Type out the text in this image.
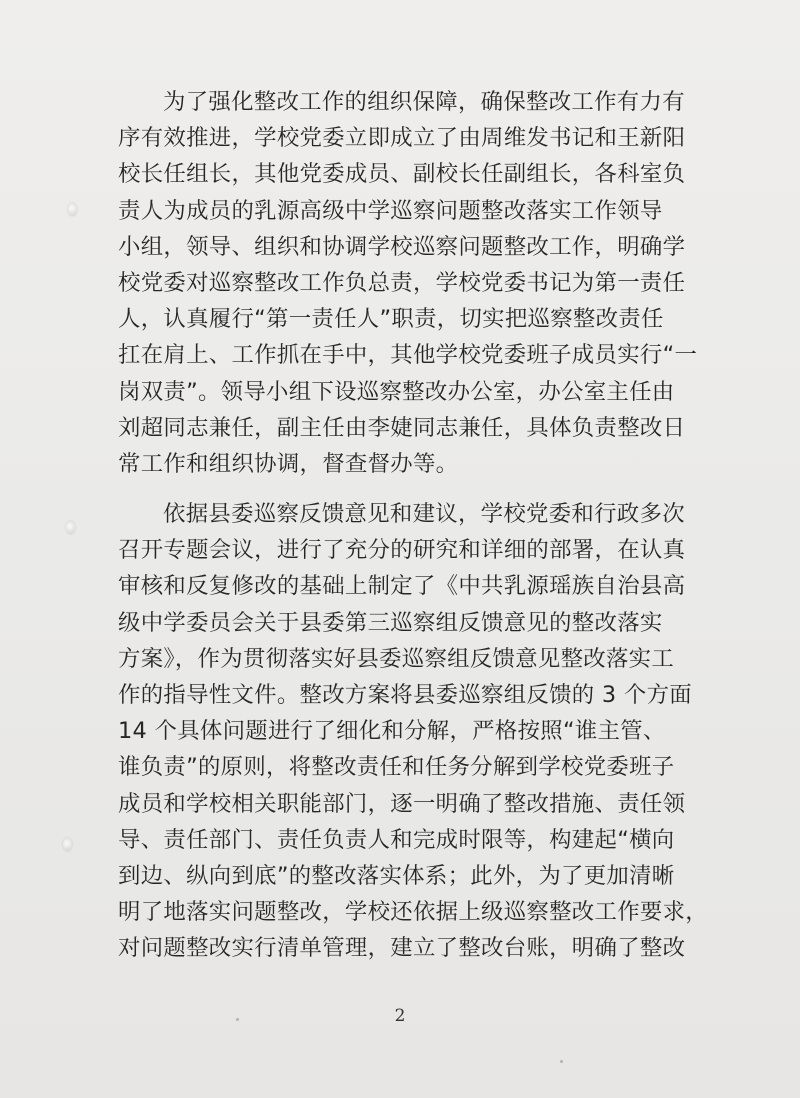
为了强化整改工作的组织保障，确保整改工作有力有
序有效推进，学校党委立即成立了由周维发书记和王新阳
校长任组长，其他党委成员、副校长任副组长，各科室负
责人为成员的乳源高级中学巡察问题整改落实工作领导
小组，领导、组织和协调学校巡察问题整改工作，明确学
校党委对巡察整改工作负总责，学校党委书记为第一责任
人，认真履行“第一责任人”职责，切实把巡察整改责任
扛在肩上、工作抓在手中，其他学校党委班子成员实行“一
岗双责”。领导小组下设巡察整改办公室，办公室主任由
刘超同志兼任，副主任由李婕同志兼任，具体负责整改日
常工作和组织协调，督查督办等。
依据县委巡察反馈意见和建议，学校党委和行政多次
召开专题会议，进行了充分的研究和详细的部署，在认真
审核和反复修改的基础上制定了《中共乳源瑶族自治县高
级中学委员会关于县委第三巡察组反馈意见的整改落实
方案》，作为贯彻落实好县委巡察组反馈意见整改落实工
作的指导性文件。整改方案将县委巡察组反馈的 3 个方面
14 个具体问题进行了细化和分解，严格按照“谁主管、
谁负责”的原则，将整改责任和任务分解到学校党委班子
成员和学校相关职能部门，逐一明确了整改措施、责任领
导、责任部门、责任负责人和完成时限等，构建起“横向
到边、纵向到底”的整改落实体系；此外，为了更加清晰
明了地落实问题整改，学校还依据上级巡察整改工作要求，
对问题整改实行清单管理，建立了整改台账，明确了整改
2
